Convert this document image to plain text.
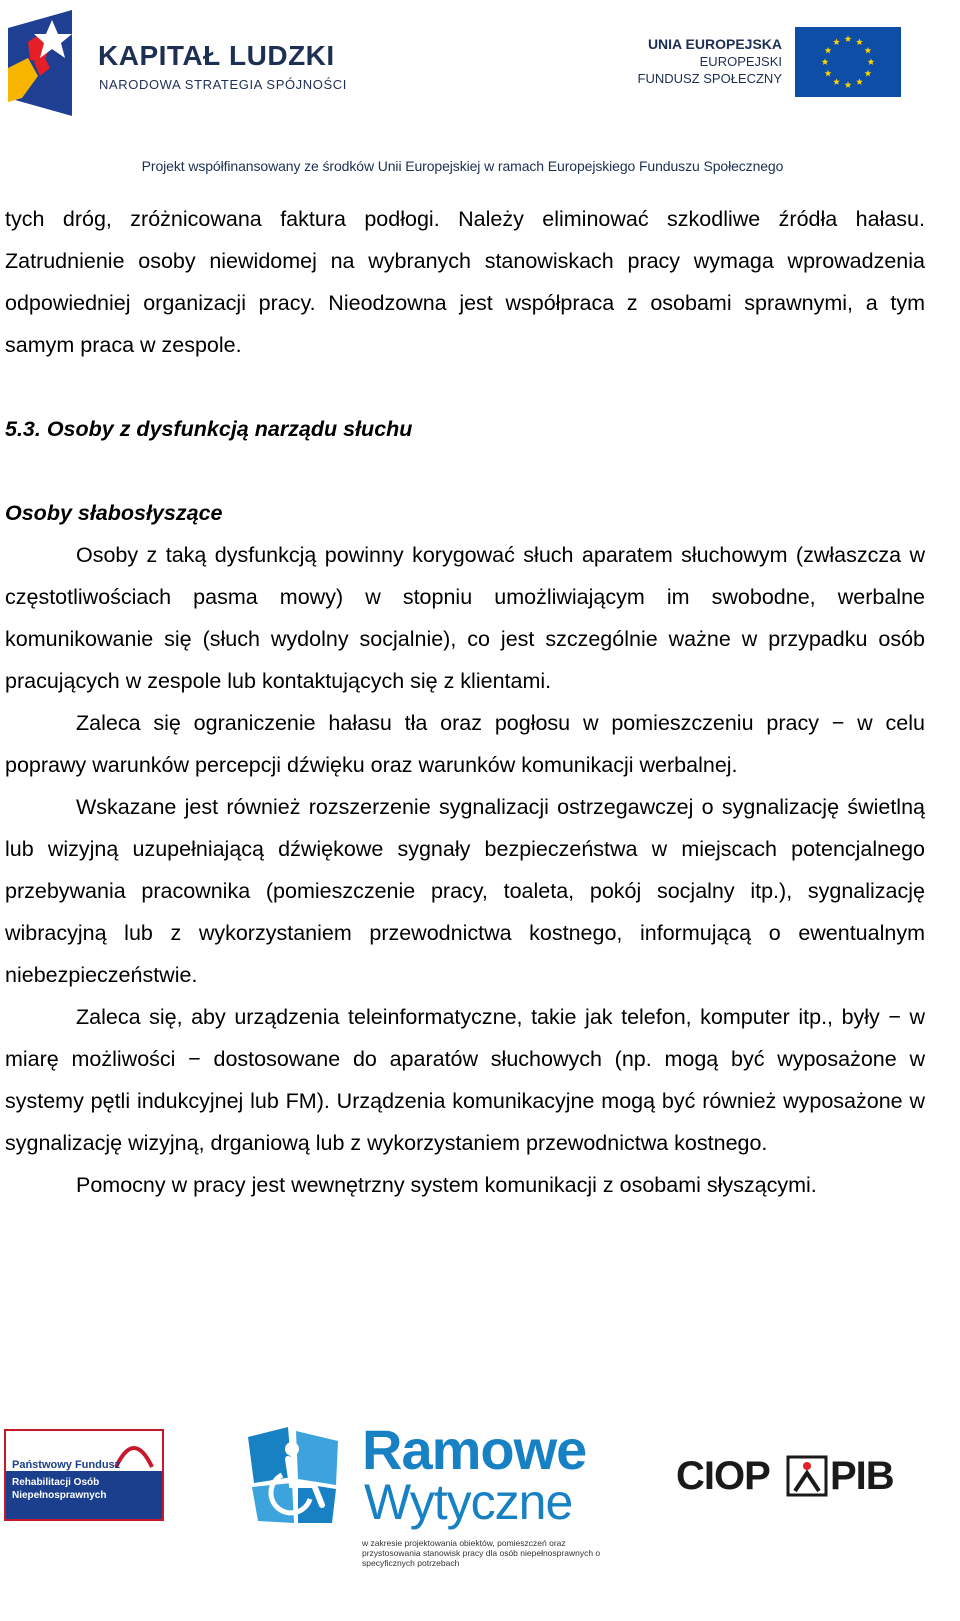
KAPITAŁ LUDZKI
NARODOWA STRATEGIA SPÓJNOŚCI
UNIA EUROPEJSKA
EUROPEJSKI
FUNDUSZ SPOŁECZNY
Projekt współfinansowany ze środków Unii Europejskiej w ramach Europejskiego Funduszu Społecznego

tych dróg, zróżnicowana faktura podłogi. Należy eliminować szkodliwe źródła hałasu. Zatrudnienie osoby niewidomej na wybranych stanowiskach pracy wymaga wprowadzenia odpowiedniej organizacji pracy. Nieodzowna jest współpraca z osobami sprawnymi, a tym samym praca w zespole.

5.3. Osoby z dysfunkcją narządu słuchu
Osoby słabosłyszące

Osoby z taką dysfunkcją powinny korygować słuch aparatem słuchowym (zwłaszcza w częstotliwościach pasma mowy) w stopniu umożliwiającym im swobodne, werbalne komunikowanie się (słuch wydolny socjalnie), co jest szczególnie ważne w przypadku osób pracujących w zespole lub kontaktujących się z klientami.

Zaleca się ograniczenie hałasu tła oraz pogłosu w pomieszczeniu pracy − w celu poprawy warunków percepcji dźwięku oraz warunków komunikacji werbalnej.

Wskazane jest również rozszerzenie sygnalizacji ostrzegawczej o sygnalizację świetlną lub wizyjną uzupełniającą dźwiękowe sygnały bezpieczeństwa w miejscach potencjalnego przebywania pracownika (pomieszczenie pracy, toaleta, pokój socjalny itp.), sygnalizację wibracyjną lub z wykorzystaniem przewodnictwa kostnego, informującą o ewentualnym niebezpieczeństwie.

Zaleca się, aby urządzenia teleinformatyczne, takie jak telefon, komputer itp., były − w miarę możliwości − dostosowane do aparatów słuchowych (np. mogą być wyposażone w systemy pętli indukcyjnej lub FM). Urządzenia komunikacyjne mogą być również wyposażone w sygnalizację wizyjną, drganiową lub z wykorzystaniem przewodnictwa kostnego.

Pomocny w pracy jest wewnętrzny system komunikacji z osobami słyszącymi.

Państwowy Fundusz
Rehabilitacji Osób
Niepełnosprawnych
Ramowe
Wytyczne
w zakresie projektowania obiektów, pomieszczeń oraz przystosowania stanowisk pracy dla osób niepełnosprawnych o specyficznych potrzebach
CIOP PIB
